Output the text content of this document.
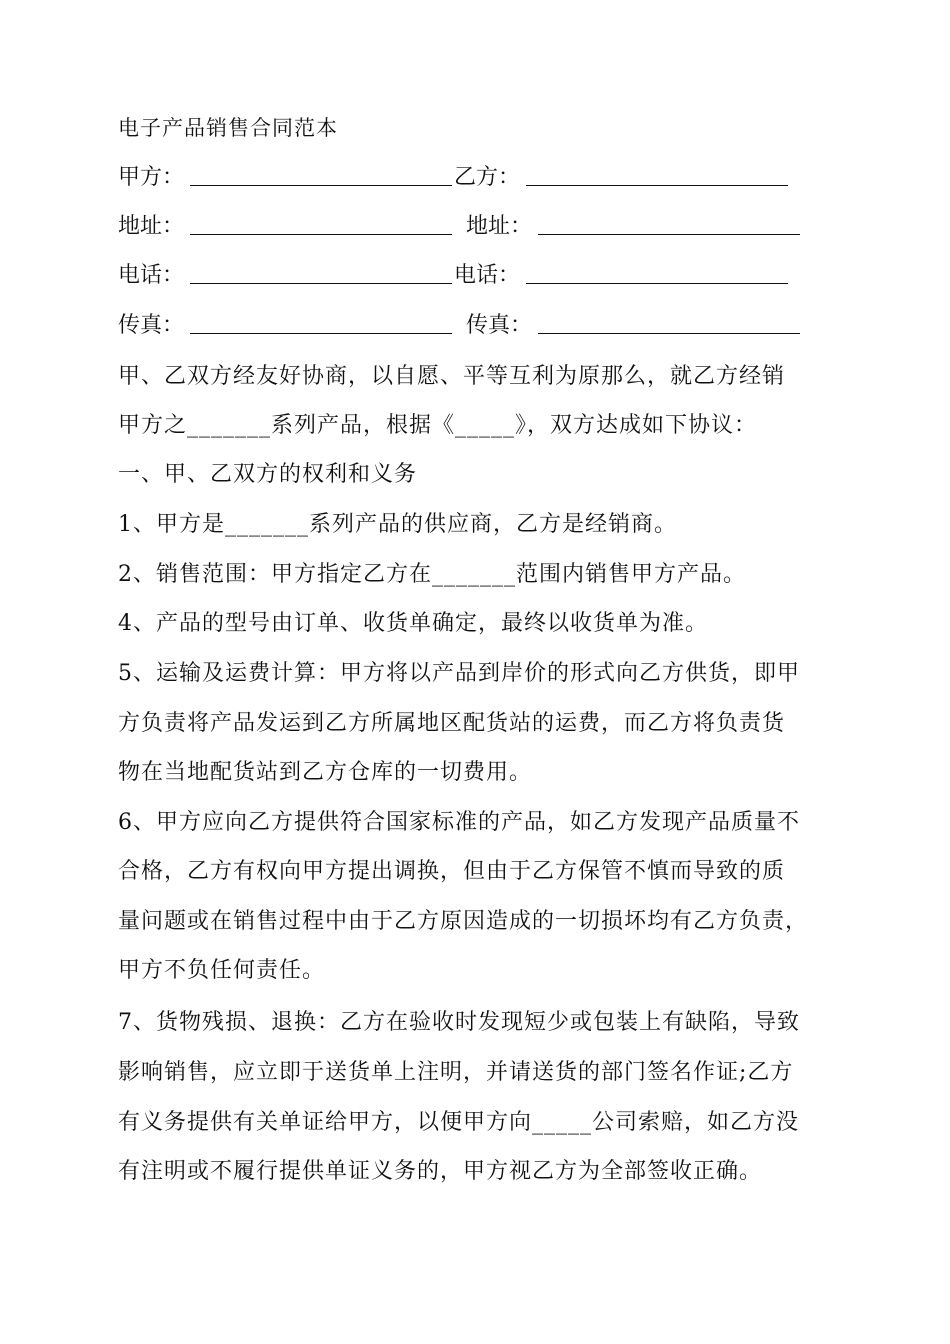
电子产品销售合同范本
甲方：	乙方：
地址：	地址：
电话：	电话：
传真：	传真：
甲、乙双方经友好协商，以自愿、平等互利为原那么，就乙方经销
甲方之_______系列产品，根据《_____》，双方达成如下协议：
一、甲、乙双方的权利和义务
1、甲方是_______系列产品的供应商，乙方是经销商。
2、销售范围：甲方指定乙方在_______范围内销售甲方产品。
4、产品的型号由订单、收货单确定，最终以收货单为准。
5、运输及运费计算：甲方将以产品到岸价的形式向乙方供货，即甲
方负责将产品发运到乙方所属地区配货站的运费，而乙方将负责货
物在当地配货站到乙方仓库的一切费用。
6、甲方应向乙方提供符合国家标准的产品，如乙方发现产品质量不
合格，乙方有权向甲方提出调换，但由于乙方保管不慎而导致的质
量问题或在销售过程中由于乙方原因造成的一切损坏均有乙方负责，
甲方不负任何责任。
7、货物残损、退换：乙方在验收时发现短少或包装上有缺陷，导致
影响销售，应立即于送货单上注明，并请送货的部门签名作证;乙方
有义务提供有关单证给甲方，以便甲方向_____公司索赔，如乙方没
有注明或不履行提供单证义务的，甲方视乙方为全部签收正确。
